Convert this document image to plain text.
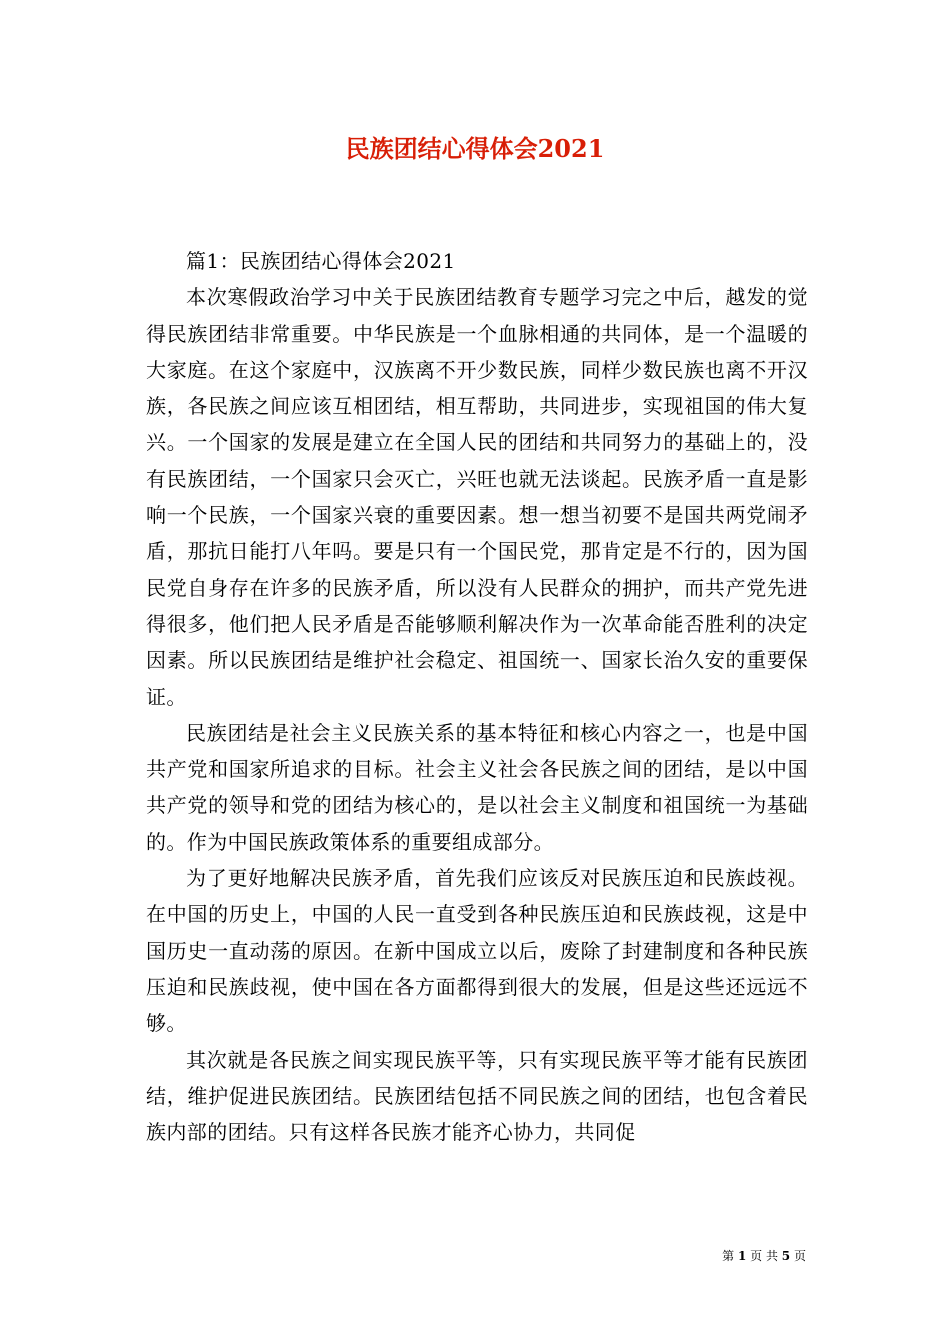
民族团结心得体会2021

篇1：民族团结心得体会2021

本次寒假政治学习中关于民族团结教育专题学习完之中后，越发的觉得民族团结非常重要。中华民族是一个血脉相通的共同体，是一个温暖的大家庭。在这个家庭中，汉族离不开少数民族，同样少数民族也离不开汉族，各民族之间应该互相团结，相互帮助，共同进步，实现祖国的伟大复兴。一个国家的发展是建立在全国人民的团结和共同努力的基础上的，没有民族团结，一个国家只会灭亡，兴旺也就无法谈起。民族矛盾一直是影响一个民族，一个国家兴衰的重要因素。想一想当初要不是国共两党闹矛盾，那抗日能打八年吗。要是只有一个国民党，那肯定是不行的，因为国民党自身存在许多的民族矛盾，所以没有人民群众的拥护，而共产党先进得很多，他们把人民矛盾是否能够顺利解决作为一次革命能否胜利的决定因素。所以民族团结是维护社会稳定、祖国统一、国家长治久安的重要保证。

民族团结是社会主义民族关系的基本特征和核心内容之一，也是中国共产党和国家所追求的目标。社会主义社会各民族之间的团结，是以中国共产党的领导和党的团结为核心的，是以社会主义制度和祖国统一为基础的。作为中国民族政策体系的重要组成部分。

为了更好地解决民族矛盾，首先我们应该反对民族压迫和民族歧视。在中国的历史上，中国的人民一直受到各种民族压迫和民族歧视，这是中国历史一直动荡的原因。在新中国成立以后，废除了封建制度和各种民族压迫和民族歧视，使中国在各方面都得到很大的发展，但是这些还远远不够。

其次就是各民族之间实现民族平等，只有实现民族平等才能有民族团结，维护促进民族团结。民族团结包括不同民族之间的团结，也包含着民族内部的团结。只有这样各民族才能齐心协力，共同促

第 1 页 共 5 页
